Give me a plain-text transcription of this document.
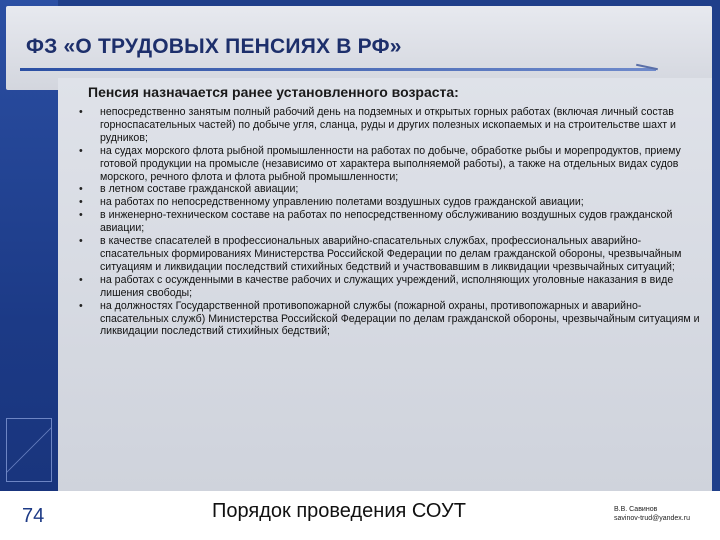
ФЗ «О ТРУДОВЫХ ПЕНСИЯХ В РФ»

Пенсия назначается ранее установленного возраста:

• непосредственно занятым полный рабочий день на подземных и открытых горных работах (включая личный состав горноспасательных частей) по добыче угля, сланца, руды и других полезных ископаемых и на строительстве шахт и рудников;
• на судах морского флота рыбной промышленности на работах по добыче, обработке рыбы и морепродуктов, приему готовой продукции на промысле (независимо от характера выполняемой работы), а также на отдельных видах судов морского, речного флота и флота рыбной промышленности;
• в летном составе гражданской авиации;
• на работах по непосредственному управлению полетами воздушных судов гражданской авиации;
• в инженерно-техническом составе на работах по непосредственному обслуживанию воздушных судов гражданской авиации;
• в качестве спасателей в профессиональных аварийно-спасательных службах, профессиональных аварийно-спасательных формированиях Министерства Российской Федерации по делам гражданской обороны, чрезвычайным ситуациям и ликвидации последствий стихийных бедствий и участвовавшим в ликвидации чрезвычайных ситуаций;
• на работах с осужденными в качестве рабочих и служащих учреждений, исполняющих уголовные наказания в виде лишения свободы;
• на должностях Государственной противопожарной службы (пожарной охраны, противопожарных и аварийно-спасательных служб) Министерства Российской Федерации по делам гражданской обороны, чрезвычайным ситуациям и ликвидации последствий стихийных бедствий;
74	Порядок проведения СОУТ	В.В. Савинов
savinov-trud@yandex.ru
